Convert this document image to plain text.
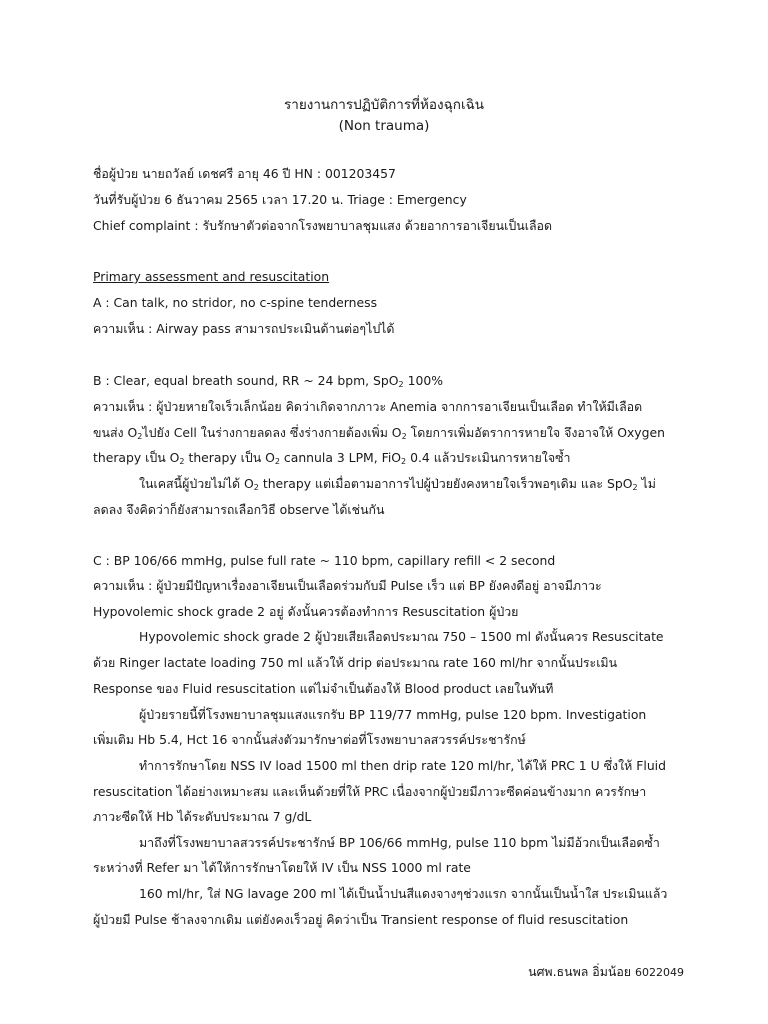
รายงานการปฏิบัติการที่ห้องฉุกเฉิน
(Non trauma)
ชื่อผู้ป่วย นายถวัลย์ เดชศรี อายุ 46 ปี HN : 001203457
วันที่รับผู้ป่วย 6 ธันวาคม 2565 เวลา 17.20 น. Triage : Emergency
Chief complaint : รับรักษาตัวต่อจากโรงพยาบาลชุมแสง ด้วยอาการอาเจียนเป็นเลือด
Primary assessment and resuscitation
A : Can talk, no stridor, no c-spine tenderness
ความเห็น : Airway pass สามารถประเมินด้านต่อๆไปได้
B : Clear, equal breath sound, RR ~ 24 bpm, SpO$_2$ 100%
ความเห็น : ผู้ป่วยหายใจเร็วเล็กน้อย คิดว่าเกิดจากภาวะ Anemia จากการอาเจียนเป็นเลือด ทำให้มีเลือด
ขนส่ง $O_2$ไปยัง Cell ในร่างกายลดลง ซึ่งร่างกายต้องเพิ่ม $O_2$ โดยการเพิ่มอัตราการหายใจ จึงอาจให้ Oxygen
therapy เป็น $O_2$ therapy เป็น $O_2$ cannula 3 LPM, FiO$_2$ 0.4 แล้วประเมินการหายใจซ้ำ
ในเคสนี้ผู้ป่วยไม่ได้ $O_2$ therapy แต่เมื่อตามอาการไปผู้ป่วยยังคงหายใจเร็วพอๆเดิม และ SpO$_2$ ไม่
ลดลง จึงคิดว่าก็ยังสามารถเลือกวิธี observe ได้เช่นกัน
C : BP 106/66 mmHg, pulse full rate ~ 110 bpm, capillary refill < 2 second
ความเห็น : ผู้ป่วยมีปัญหาเรื่องอาเจียนเป็นเลือดร่วมกับมี Pulse เร็ว แต่ BP ยังคงดีอยู่ อาจมีภาวะ
Hypovolemic shock grade 2 อยู่ ดังนั้นควรต้องทำการ Resuscitation ผู้ป่วย
Hypovolemic shock grade 2 ผู้ป่วยเสียเลือดประมาณ 750 – 1500 ml ดังนั้นควร Resuscitate
ด้วย Ringer lactate loading 750 ml แล้วให้ drip ต่อประมาณ rate 160 ml/hr จากนั้นประเมิน
Response ของ Fluid resuscitation แต่ไม่จำเป็นต้องให้ Blood product เลยในทันที
ผู้ป่วยรายนี้ที่โรงพยาบาลชุมแสงแรกรับ BP 119/77 mmHg, pulse 120 bpm. Investigation
เพิ่มเติม Hb 5.4, Hct 16 จากนั้นส่งตัวมารักษาต่อที่โรงพยาบาลสวรรค์ประชารักษ์
ทำการรักษาโดย NSS IV load 1500 ml then drip rate 120 ml/hr, ได้ให้ PRC 1 U ซึ่งให้ Fluid
resuscitation ได้อย่างเหมาะสม และเห็นด้วยที่ให้ PRC เนื่องจากผู้ป่วยมีภาวะซีดค่อนข้างมาก ควรรักษา
ภาวะซีดให้ Hb ได้ระดับประมาณ 7 g/dL
มาถึงที่โรงพยาบาลสวรรค์ประชารักษ์ BP 106/66 mmHg, pulse 110 bpm ไม่มีอ้วกเป็นเลือดซ้ำ
ระหว่างที่ Refer มา ได้ให้การรักษาโดยให้ IV เป็น NSS 1000 ml rate
160 ml/hr, ใส่ NG lavage 200 ml ได้เป็นน้ำปนสีแดงจางๆช่วงแรก จากนั้นเป็นน้ำใส ประเมินแล้ว
ผู้ป่วยมี Pulse ช้าลงจากเดิม แต่ยังคงเร็วอยู่ คิดว่าเป็น Transient response of fluid resuscitation
นศพ.ธนพล อิ่มน้อย 6022049
